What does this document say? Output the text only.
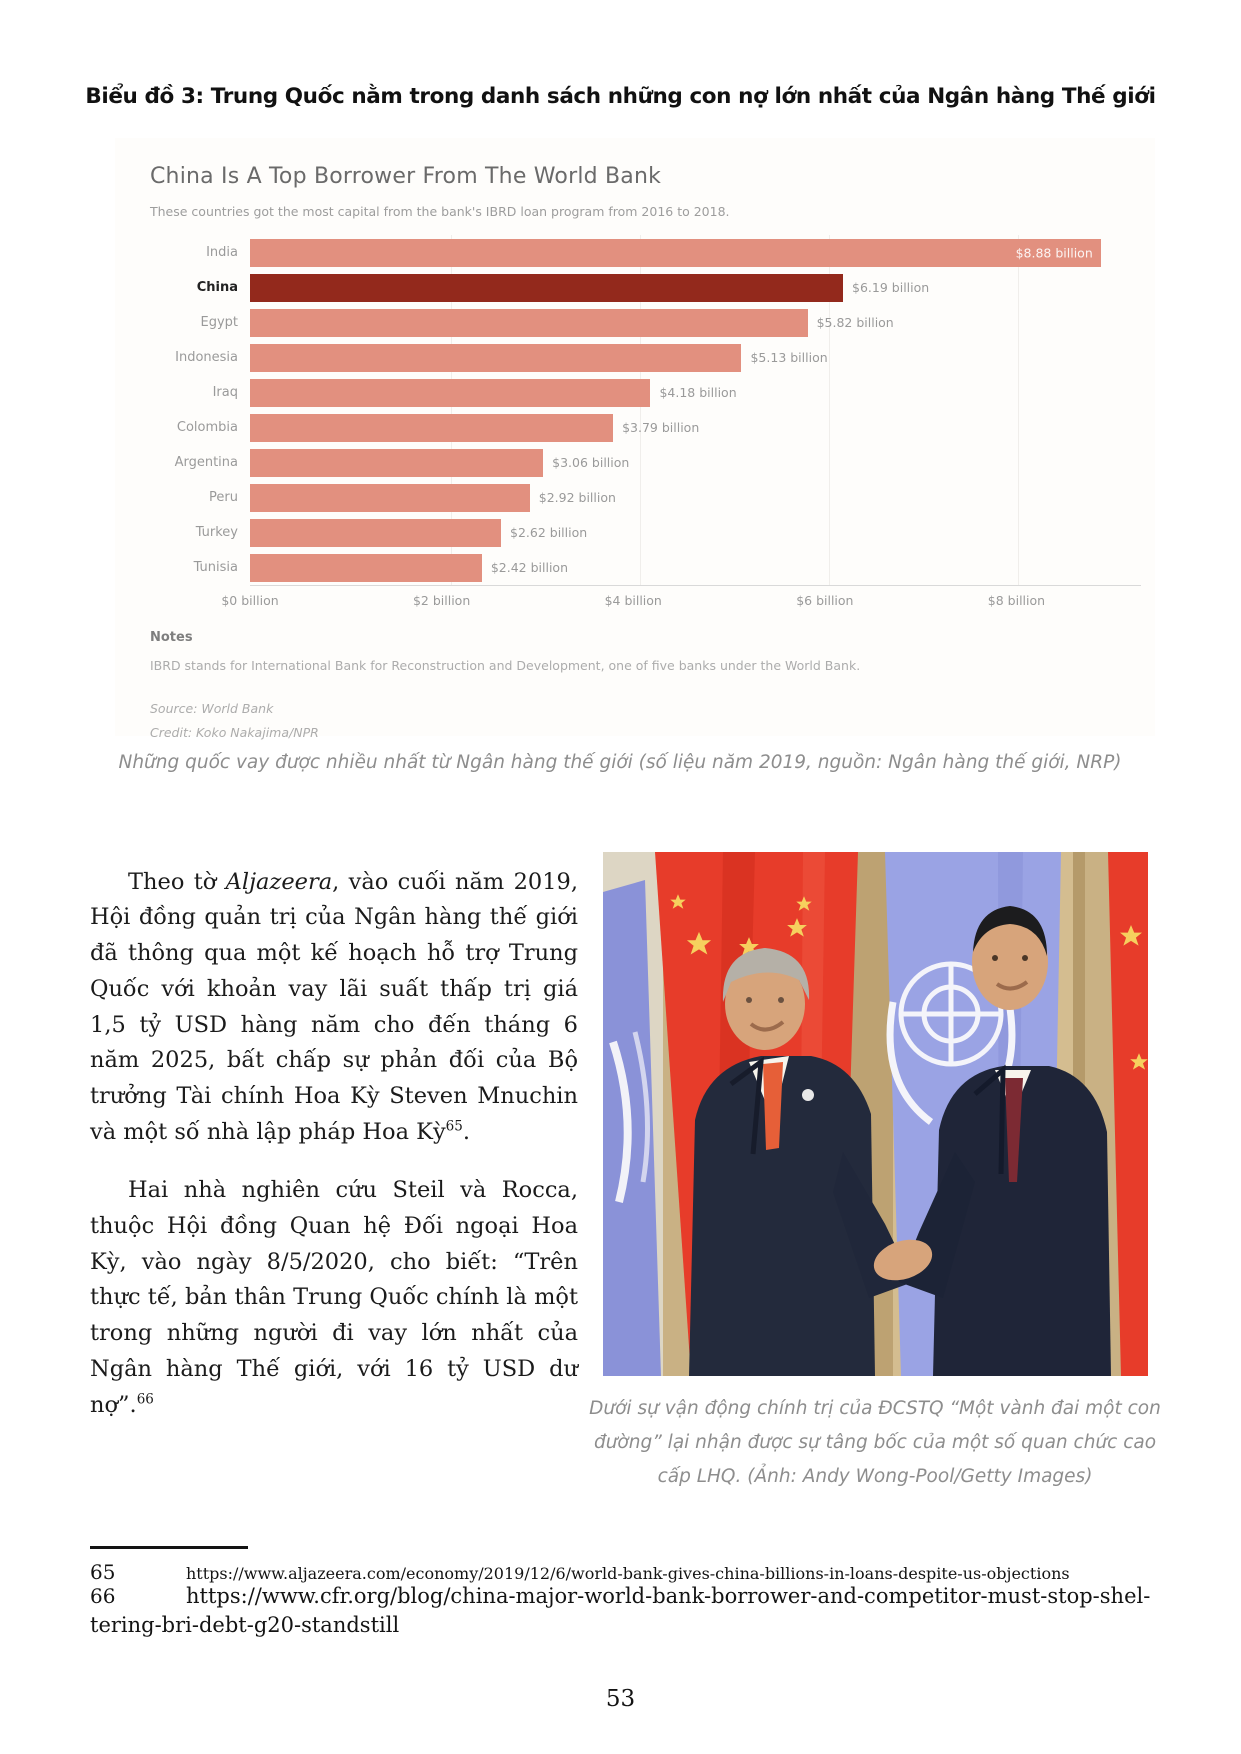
Biểu đồ 3: Trung Quốc nằm trong danh sách những con nợ lớn nhất của Ngân hàng Thế giới
China Is A Top Borrower From The World Bank
These countries got the most capital from the bank's IBRD loan program from 2016 to 2018.
India	$8.88 billion
China	$6.19 billion
Egypt	$5.82 billion
Indonesia	$5.13 billion
Iraq	$4.18 billion
Colombia	$3.79 billion
Argentina	$3.06 billion
Peru	$2.92 billion
Turkey	$2.62 billion
Tunisia	$2.42 billion
$0 billion	$2 billion	$4 billion	$6 billion	$8 billion
Notes
IBRD stands for International Bank for Reconstruction and Development, one of five banks under the World Bank.
Source: World Bank
Credit: Koko Nakajima/NPR
Những quốc vay được nhiều nhất từ Ngân hàng thế giới (số liệu năm 2019, nguồn: Ngân hàng thế giới, NRP)

Theo tờ Aljazeera, vào cuối năm 2019, Hội đồng quản trị của Ngân hàng thế giới đã thông qua một kế hoạch hỗ trợ Trung Quốc với khoản vay lãi suất thấp trị giá 1,5 tỷ USD hàng năm cho đến tháng 6 năm 2025, bất chấp sự phản đối của Bộ trưởng Tài chính Hoa Kỳ Steven Mnuchin và một số nhà lập pháp Hoa Kỳ$^{65}$.

Hai nhà nghiên cứu Steil và Rocca, thuộc Hội đồng Quan hệ Đối ngoại Hoa Kỳ, vào ngày 8/5/2020, cho biết: “Trên thực tế, bản thân Trung Quốc chính là một trong những người đi vay lớn nhất của Ngân hàng Thế giới, với 16 tỷ USD dư nợ”.$^{66}$	Dưới sự vận động chính trị của ĐCSTQ “Một vành đai một con đường” lại nhận được sự tâng bốc của một số quan chức cao cấp LHQ. (Ảnh: Andy Wong-Pool/Getty Images)
65	https://www.aljazeera.com/economy/2019/12/6/world-bank-gives-china-billions-in-loans-despite-us-objections
66	https://www.cfr.org/blog/china-major-world-bank-borrower-and-competitor-must-stop-shel-
tering-bri-debt-g20-standstill
53
